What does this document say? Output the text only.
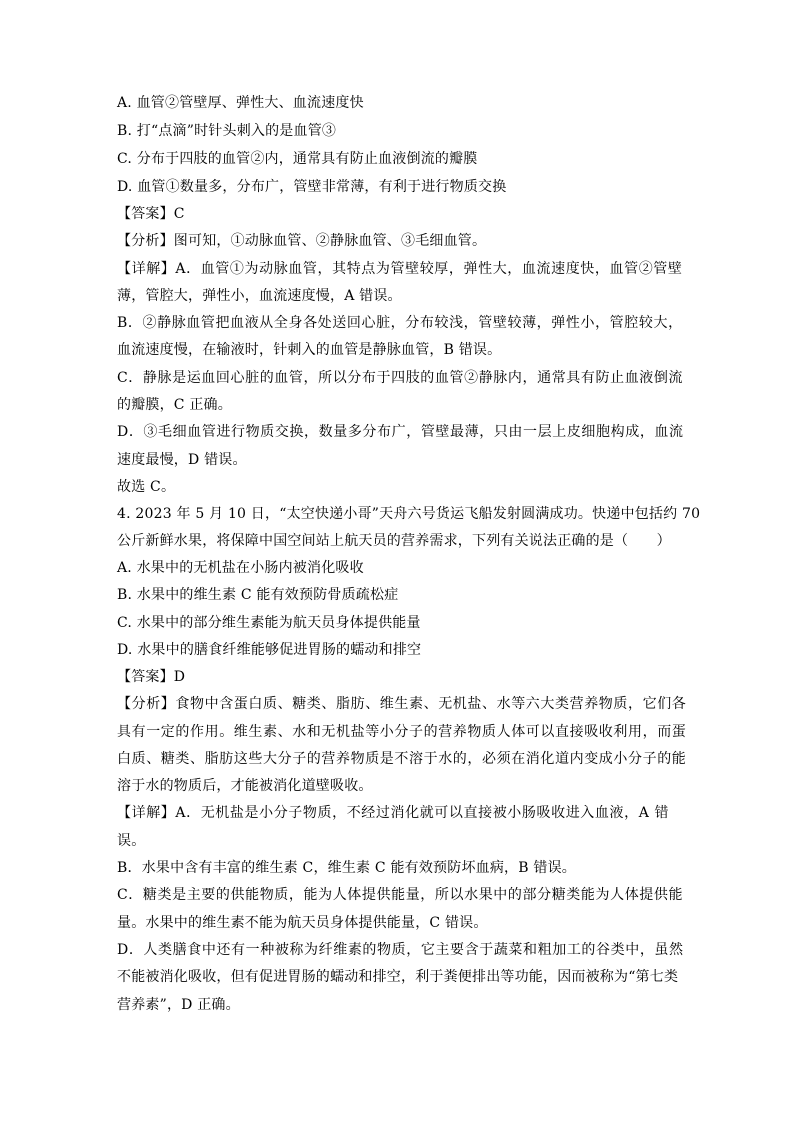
A. 血管②管壁厚、弹性大、血流速度快
B. 打“点滴”时针头刺入的是血管③
C. 分布于四肢的血管②内，通常具有防止血液倒流的瓣膜
D. 血管①数量多，分布广，管壁非常薄，有利于进行物质交换
【答案】C
【分析】图可知，①动脉血管、②静脉血管、③毛细血管。
【详解】A．血管①为动脉血管，其特点为管壁较厚，弹性大，血流速度快，血管②管壁
薄，管腔大，弹性小，血流速度慢，A 错误。
B．②静脉血管把血液从全身各处送回心脏，分布较浅，管壁较薄，弹性小，管腔较大，
血流速度慢，在输液时，针刺入的血管是静脉血管，B 错误。
C．静脉是运血回心脏的血管，所以分布于四肢的血管②静脉内，通常具有防止血液倒流
的瓣膜，C 正确。
D．③毛细血管进行物质交换，数量多分布广，管壁最薄，只由一层上皮细胞构成，血流
速度最慢，D 错误。
故选 C。
4. 2023 年 5 月 10 日，“太空快递小哥”天舟六号货运飞船发射圆满成功。快递中包括约 70
公斤新鲜水果，将保障中国空间站上航天员的营养需求，下列有关说法正确的是（　　）
A. 水果中的无机盐在小肠内被消化吸收
B. 水果中的维生素 C 能有效预防骨质疏松症
C. 水果中的部分维生素能为航天员身体提供能量
D. 水果中的膳食纤维能够促进胃肠的蠕动和排空
【答案】D
【分析】食物中含蛋白质、糖类、脂肪、维生素、无机盐、水等六大类营养物质，它们各
具有一定的作用。维生素、水和无机盐等小分子的营养物质人体可以直接吸收利用，而蛋
白质、糖类、脂肪这些大分子的营养物质是不溶于水的，必须在消化道内变成小分子的能
溶于水的物质后，才能被消化道壁吸收。
【详解】A．无机盐是小分子物质，不经过消化就可以直接被小肠吸收进入血液，A 错
误。
B．水果中含有丰富的维生素 C，维生素 C 能有效预防坏血病，B 错误。
C．糖类是主要的供能物质，能为人体提供能量，所以水果中的部分糖类能为人体提供能
量。水果中的维生素不能为航天员身体提供能量，C 错误。
D．人类膳食中还有一种被称为纤维素的物质，它主要含于蔬菜和粗加工的谷类中，虽然
不能被消化吸收，但有促进胃肠的蠕动和排空，利于粪便排出等功能，因而被称为“第七类
营养素”，D 正确。
